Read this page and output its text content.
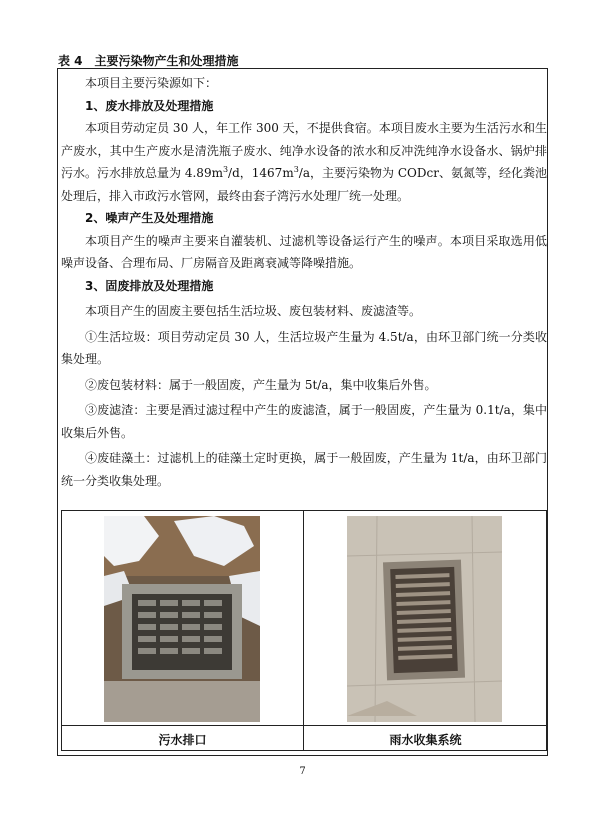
表 4　主要污染物产生和处理措施

本项目主要污染源如下：

1、废水排放及处理措施

本项目劳动定员 30 人，年工作 300 天，不提供食宿。本项目废水主要为生活污水和生产废水，其中生产废水是清洗瓶子废水、纯净水设备的浓水和反冲洗纯净水设备水、锅炉排污水。污水排放总量为 $4.89m^3/d$，$1467m^3/a$，主要污染物为 CODcr、氨氮等，经化粪池处理后，排入市政污水管网，最终由套子湾污水处理厂统一处理。

2、噪声产生及处理措施

本项目产生的噪声主要来自灌装机、过滤机等设备运行产生的噪声。本项目采取选用低噪声设备、合理布局、厂房隔音及距离衰减等降噪措施。

3、固废排放及处理措施

本项目产生的固废主要包括生活垃圾、废包装材料、废滤渣等。

①生活垃圾：项目劳动定员 30 人，生活垃圾产生量为 4.5t/a，由环卫部门统一分类收集处理。

②废包装材料：属于一般固废，产生量为 5t/a，集中收集后外售。

③废滤渣：主要是酒过滤过程中产生的废滤渣，属于一般固废，产生量为 0.1t/a，集中收集后外售。

④废硅藻土：过滤机上的硅藻土定时更换，属于一般固废，产生量为 1t/a，由环卫部门统一分类收集处理。

污水排口	雨水收集系统
7
